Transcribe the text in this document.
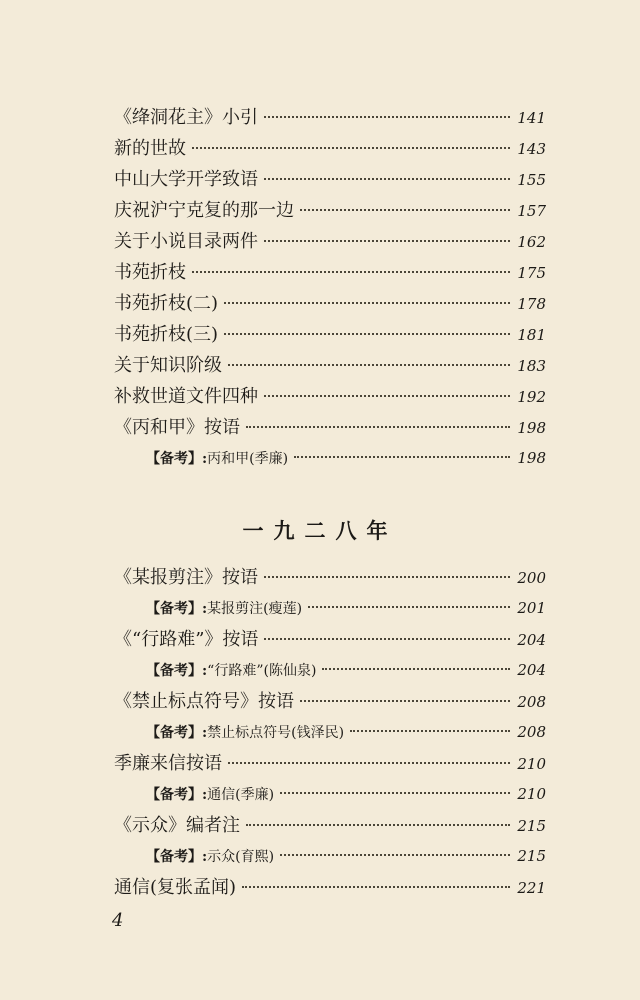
《绛洞花主》小引	141
新的世故	143
中山大学开学致语	155
庆祝沪宁克复的那一边	157
关于小说目录两件	162
书苑折枝	175
书苑折枝(二)	178
书苑折枝(三)	181
关于知识阶级	183
补救世道文件四种	192
《丙和甲》按语	198
【备考】: 丙和甲(季廉)	198
一九二八年
《某报剪注》按语	200
【备考】: 某报剪注(瘦莲)	201
《“行路难”》按语	204
【备考】: “行路难”(陈仙泉)	204
《禁止标点符号》按语	208
【备考】: 禁止标点符号(钱泽民)	208
季廉来信按语	210
【备考】: 通信(季廉)	210
《示众》编者注	215
【备考】: 示众(育熙)	215
通信(复张孟闻)	221
4
